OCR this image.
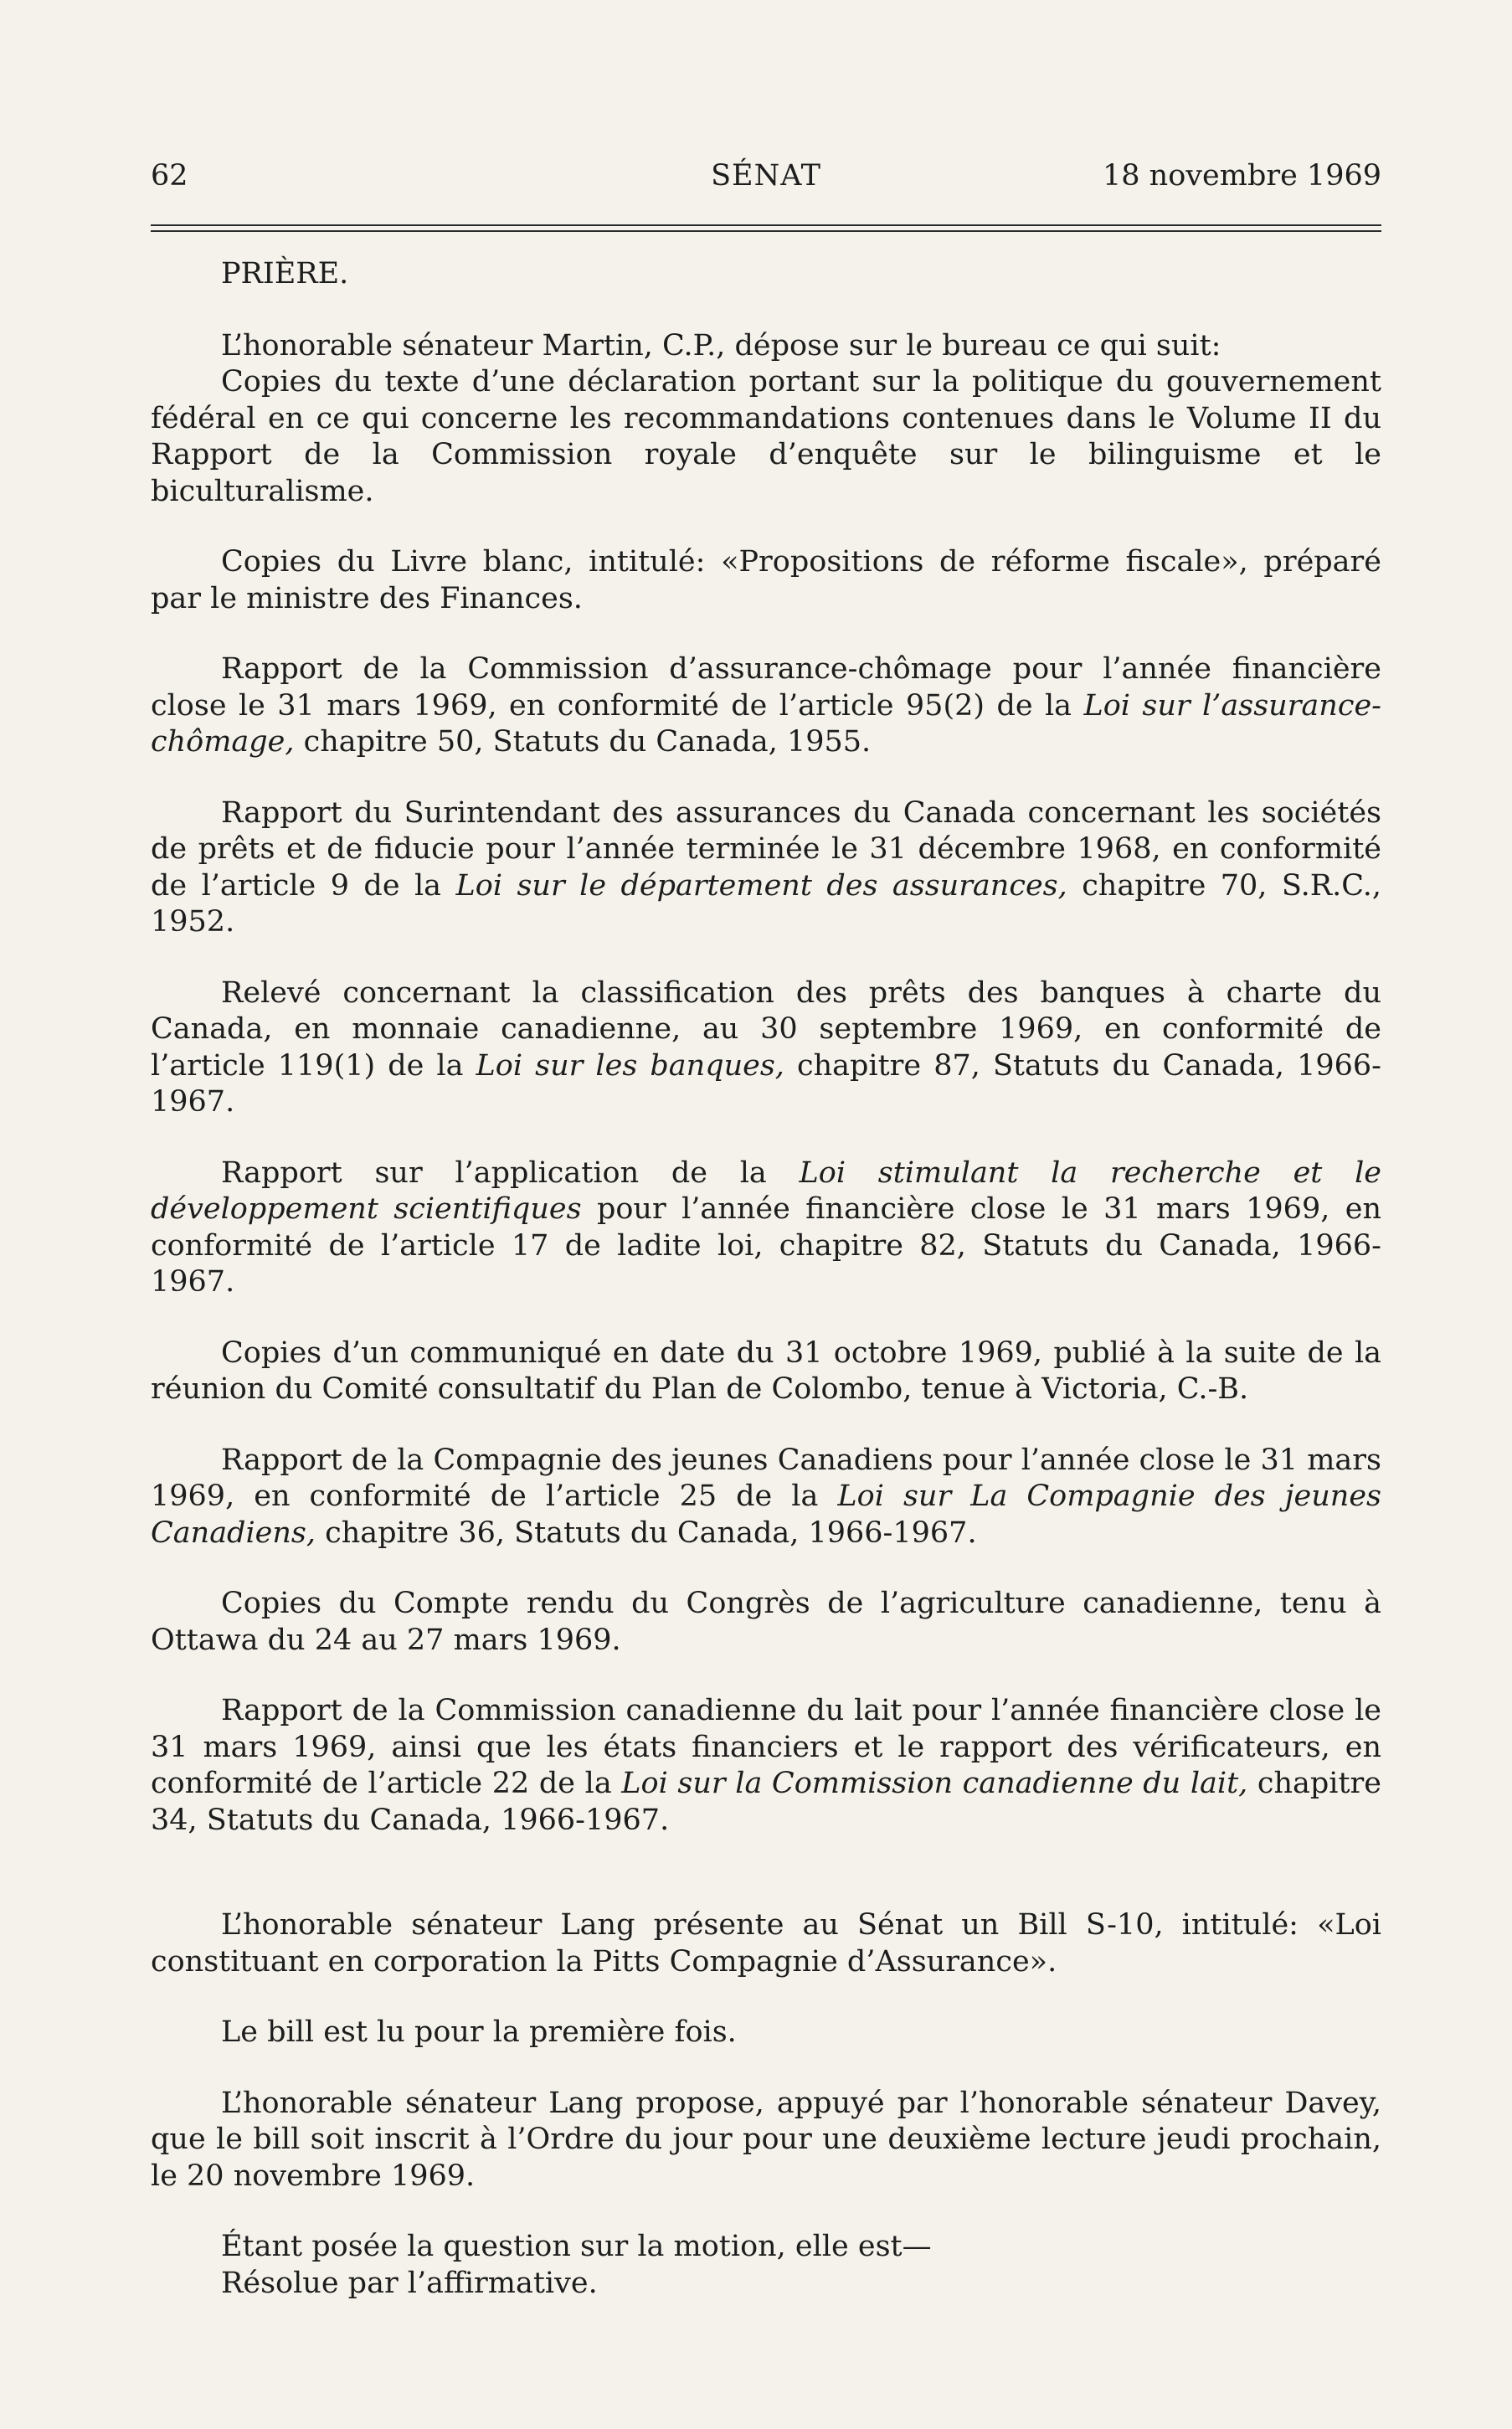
62	SÉNAT	18 novembre 1969

PRIÈRE.

L’honorable sénateur Martin, C.P., dépose sur le bureau ce qui suit:

Copies du texte d’une déclaration portant sur la politique du gouvernement fédéral en ce qui concerne les recommandations contenues dans le Volume II du Rapport de la Commission royale d’enquête sur le bilinguisme et le biculturalisme.

Copies du Livre blanc, intitulé: «Propositions de réforme fiscale», préparé par le ministre des Finances.

Rapport de la Commission d’assurance-chômage pour l’année financière close le 31 mars 1969, en conformité de l’article 95(2) de la Loi sur l’assurance-chômage, chapitre 50, Statuts du Canada, 1955.

Rapport du Surintendant des assurances du Canada concernant les sociétés de prêts et de fiducie pour l’année terminée le 31 décembre 1968, en conformité de l’article 9 de la Loi sur le département des assurances, chapitre 70, S.R.C., 1952.

Relevé concernant la classification des prêts des banques à charte du Canada, en monnaie canadienne, au 30 septembre 1969, en conformité de l’article 119(1) de la Loi sur les banques, chapitre 87, Statuts du Canada, 1966-1967.

Rapport sur l’application de la Loi stimulant la recherche et le développement scientifiques pour l’année financière close le 31 mars 1969, en conformité de l’article 17 de ladite loi, chapitre 82, Statuts du Canada, 1966-1967.

Copies d’un communiqué en date du 31 octobre 1969, publié à la suite de la réunion du Comité consultatif du Plan de Colombo, tenue à Victoria, C.-B.

Rapport de la Compagnie des jeunes Canadiens pour l’année close le 31 mars 1969, en conformité de l’article 25 de la Loi sur La Compagnie des jeunes Canadiens, chapitre 36, Statuts du Canada, 1966-1967.

Copies du Compte rendu du Congrès de l’agriculture canadienne, tenu à Ottawa du 24 au 27 mars 1969.

Rapport de la Commission canadienne du lait pour l’année financière close le 31 mars 1969, ainsi que les états financiers et le rapport des vérificateurs, en conformité de l’article 22 de la Loi sur la Commission canadienne du lait, chapitre 34, Statuts du Canada, 1966-1967.

L’honorable sénateur Lang présente au Sénat un Bill S-10, intitulé: «Loi constituant en corporation la Pitts Compagnie d’Assurance».

Le bill est lu pour la première fois.

L’honorable sénateur Lang propose, appuyé par l’honorable sénateur Davey, que le bill soit inscrit à l’Ordre du jour pour une deuxième lecture jeudi prochain, le 20 novembre 1969.

Étant posée la question sur la motion, elle est—

Résolue par l’affirmative.
